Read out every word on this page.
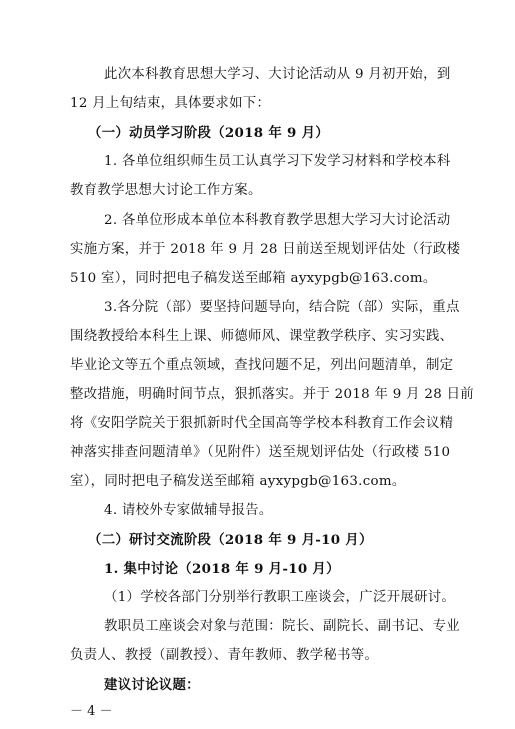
此次本科教育思想大学习、大讨论活动从 9 月初开始，到
12 月上旬结束，具体要求如下：
（一）动员学习阶段（2018 年 9 月）
1. 各单位组织师生员工认真学习下发学习材料和学校本科
教育教学思想大讨论工作方案。
2. 各单位形成本单位本科教育教学思想大学习大讨论活动
实施方案，并于 2018 年 9 月 28 日前送至规划评估处（行政楼
510 室），同时把电子稿发送至邮箱 ayxypgb@163.com。
3.各分院（部）要坚持问题导向，结合院（部）实际，重点
围绕教授给本科生上课、师德师风、课堂教学秩序、实习实践、
毕业论文等五个重点领域，查找问题不足，列出问题清单，制定
整改措施，明确时间节点，狠抓落实。并于 2018 年 9 月 28 日前
将《安阳学院关于狠抓新时代全国高等学校本科教育工作会议精
神落实排查问题清单》（见附件）送至规划评估处（行政楼 510
室），同时把电子稿发送至邮箱 ayxypgb@163.com。
4. 请校外专家做辅导报告。
（二）研讨交流阶段（2018 年 9 月-10 月）
1. 集中讨论（2018 年 9 月-10 月）
（1）学校各部门分别举行教职工座谈会，广泛开展研讨。
教职员工座谈会对象与范围：院长、副院长、副书记、专业
负责人、教授（副教授）、青年教师、教学秘书等。
建议讨论议题：
－ 4 －
